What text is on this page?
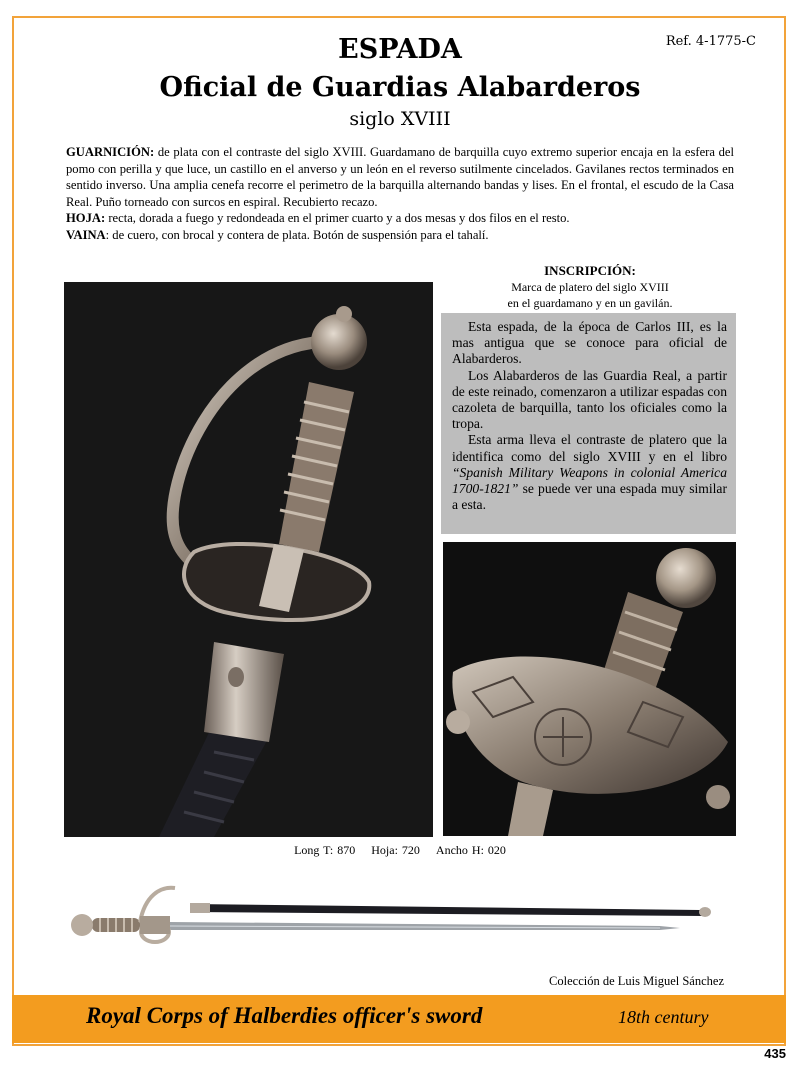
Ref. 4-1775-C
ESPADA
Oficial de Guardias Alabarderos
siglo XVIII

GUARNICIÓN: de plata con el contraste del siglo XVIII. Guardamano de barquilla cuyo extremo superior encaja en la esfera del pomo con perilla y que luce, un castillo en el anverso y un león en el reverso sutilmente cincelados. Gavilanes rectos terminados en sentido inverso. Una amplia cenefa recorre el perimetro de la barquilla alternando bandas y lises. En el frontal, el escudo de la Casa Real. Puño torneado con surcos en espiral. Recubierto recazo.

HOJA: recta, dorada a fuego y redondeada en el primer cuarto y a dos mesas y dos filos en el resto.

VAINA: de cuero, con brocal y contera de plata. Botón de suspensión para el tahalí.

INSCRIPCIÓN:
Marca de platero del siglo XVIII
en el guardamano y en un gavilán.

Esta espada, de la época de Carlos III, es la mas antigua que se conoce para oficial de Alabarderos.

Los Alabarderos de las Guardia Real, a partir de este reinado, comenzaron a utilizar espadas con cazoleta de barquilla, tanto los oficiales como la tropa.

Esta arma lleva el contraste de platero que la identifica como del siglo XVIII y en el libro “Spanish Military Weapons in colonial America 1700-1821” se puede ver una espada muy similar a esta.

Long T: 870 Hoja: 720 Ancho H: 020
Colección de Luis Miguel Sánchez
Royal Corps of Halberdies officer's sword	18th century
435
